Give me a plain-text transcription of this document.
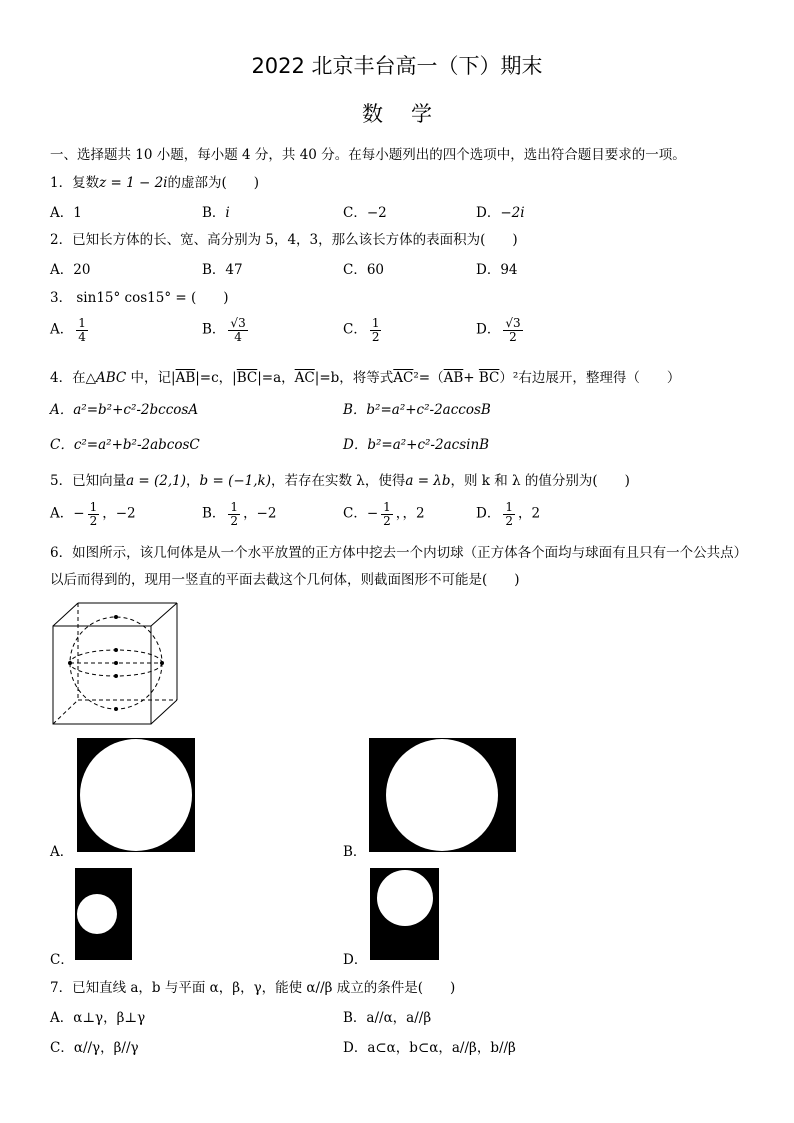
2022 北京丰台高一（下）期末
数学
一、选择题共 10 小题，每小题 4 分，共 40 分。在每小题列出的四个选项中，选出符合题目要求的一项。
1．复数z = 1 − 2i的虚部为(　　)
A．1	B．i	C．−2	D．−2i
2．已知长方体的长、宽、高分别为 5，4，3，那么该长方体的表面积为(　　)
A．20	B．47	C．60	D．94
3． sin15° cos15° = (　　)
A． $\frac{1}{4}$	B． $\frac{√3}{4}$	C． $\frac{1}{2}$	D． $\frac{√3}{2}$
4．在△ABC 中，记$|\overline{AB}|=c$，$|\overline{BC}|=a$，$\overline{AC}|=b$，将等式$\overline{AC}^2=(\overline{AB}+ \overline{BC})^2$右边展开，整理得（　　）
A．a²=b²+c²-2bccosA	B．b²=a²+c²-2accosB
C．c²=a²+b²-2abcosC	D．b²=a²+c²-2acsinB
5．已知向量a = (2,1)，b = (−1,k)，若存在实数 λ，使得a = λb，则 k 和 λ 的值分别为(　　)
A．− $\frac{1}{2}$ ，−2	B． $\frac{1}{2}$ ，−2	C．− $\frac{1}{2}$ ，，2	D． $\frac{1}{2}$ ，2
6．如图所示，该几何体是从一个水平放置的正方体中挖去一个内切球（正方体各个面均与球面有且只有一个公共点）以后而得到的，现用一竖直的平面去截这个几何体，则截面图形不可能是(　　)
A．	B．
C．	D．
7．已知直线 a，b 与平面 α，β，γ，能使 α//β 成立的条件是(　　)
A．α⊥γ，β⊥γ	B．a//α，a//β
C．α//γ，β//γ	D．a⊂α，b⊂α，a//β，b//β
